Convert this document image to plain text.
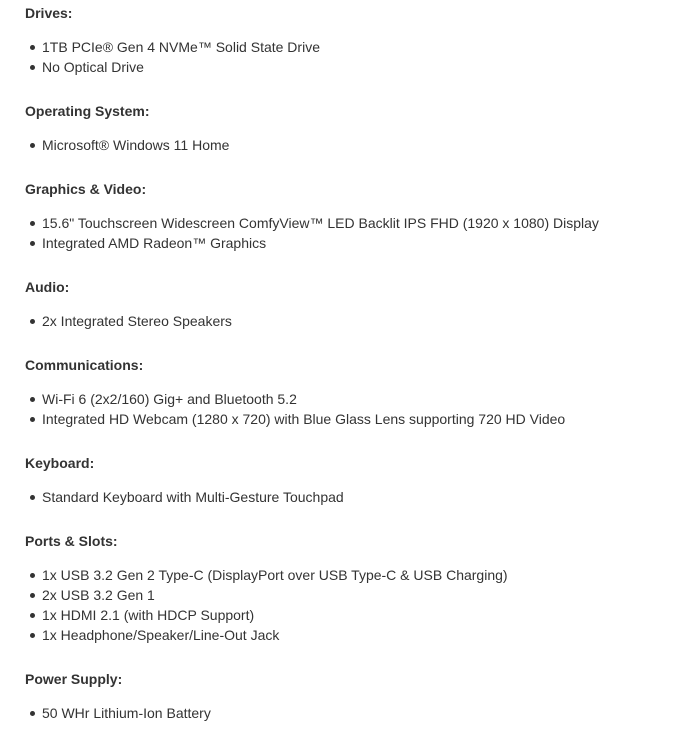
Drives:
1TB PCIe® Gen 4 NVMe™ Solid State Drive
No Optical Drive
Operating System:
Microsoft® Windows 11 Home
Graphics & Video:
15.6" Touchscreen Widescreen ComfyView™ LED Backlit IPS FHD (1920 x 1080) Display
Integrated AMD Radeon™ Graphics
Audio:
2x Integrated Stereo Speakers
Communications:
Wi-Fi 6 (2x2/160) Gig+ and Bluetooth 5.2
Integrated HD Webcam (1280 x 720) with Blue Glass Lens supporting 720 HD Video
Keyboard:
Standard Keyboard with Multi-Gesture Touchpad
Ports & Slots:
1x USB 3.2 Gen 2 Type-C (DisplayPort over USB Type-C & USB Charging)
2x USB 3.2 Gen 1
1x HDMI 2.1 (with HDCP Support)
1x Headphone/Speaker/Line-Out Jack
Power Supply:
50 WHr Lithium-Ion Battery
